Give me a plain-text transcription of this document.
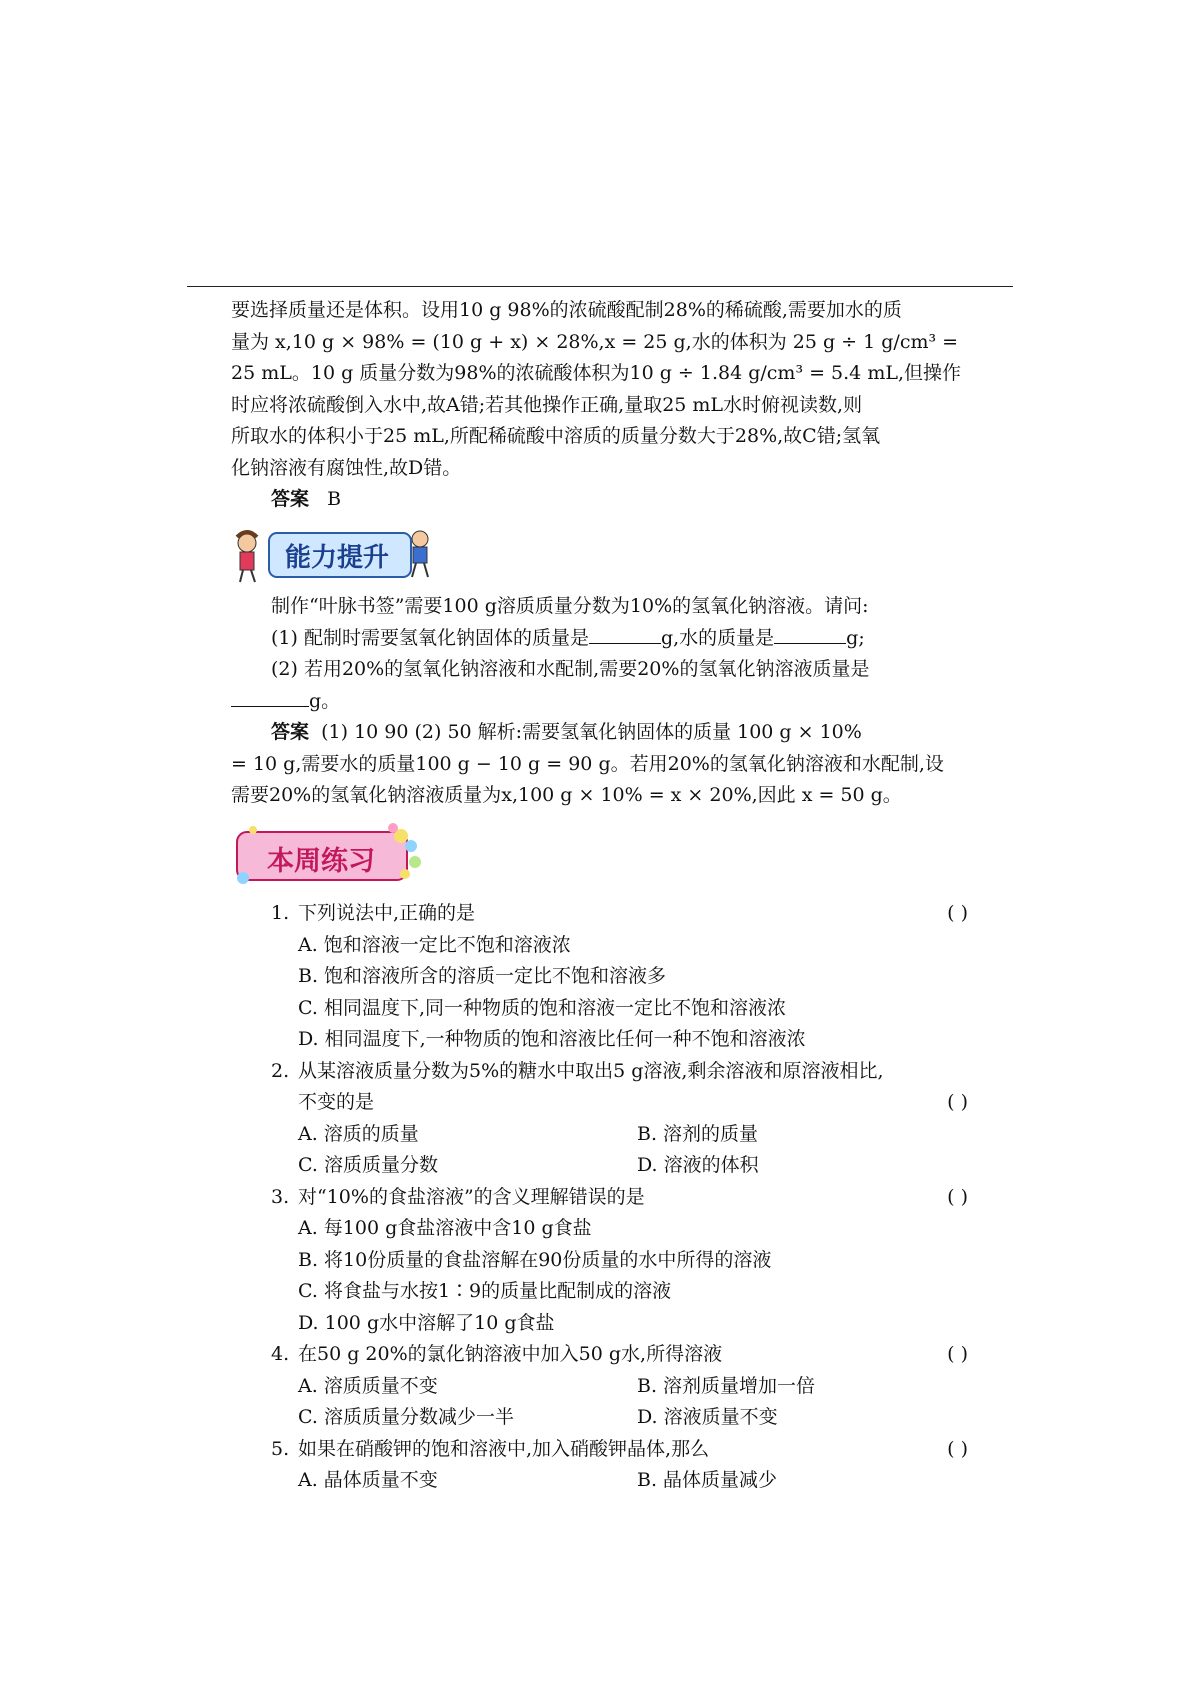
要选择质量还是体积。设用10 g 98%的浓硫酸配制28%的稀硫酸,需要加水的质

量为 x,10 g × 98% = (10 g + x) × 28%,x = 25 g,水的体积为 25 g ÷ 1 g/cm³ =

25 mL。10 g 质量分数为98%的浓硫酸体积为10 g ÷ 1.84 g/cm³ = 5.4 mL,但操作

时应将浓硫酸倒入水中,故A错;若其他操作正确,量取25 mL水时俯视读数,则

所取水的体积小于25 mL,所配稀硫酸中溶质的质量分数大于28%,故C错;氢氧

化钠溶液有腐蚀性,故D错。

答案 B

能力提升

制作“叶脉书签”需要100 g溶质质量分数为10%的氢氧化钠溶液。请问:

(1) 配制时需要氢氧化钠固体的质量是	g,水的质量是	g;

(2) 若用20%的氢氧化钠溶液和水配制,需要20%的氢氧化钠溶液质量是

g。

答案 (1) 10 90 (2) 50 解析:需要氢氧化钠固体的质量 100 g × 10%

= 10 g,需要水的质量100 g − 10 g = 90 g。若用20%的氢氧化钠溶液和水配制,设

需要20%的氢氧化钠溶液质量为x,100 g × 10% = x × 20%,因此 x = 50 g。

本周练习
1. 下列说法中,正确的是	( )
A. 饱和溶液一定比不饱和溶液浓
B. 饱和溶液所含的溶质一定比不饱和溶液多
C. 相同温度下,同一种物质的饱和溶液一定比不饱和溶液浓
D. 相同温度下,一种物质的饱和溶液比任何一种不饱和溶液浓
2. 从某溶液质量分数为5%的糖水中取出5 g溶液,剩余溶液和原溶液相比,
不变的是	( )
A. 溶质的质量	B. 溶剂的质量
C. 溶质质量分数	D. 溶液的体积
3. 对“10%的食盐溶液”的含义理解错误的是	( )
A. 每100 g食盐溶液中含10 g食盐
B. 将10份质量的食盐溶解在90份质量的水中所得的溶液
C. 将食盐与水按1∶9的质量比配制成的溶液
D. 100 g水中溶解了10 g食盐
4. 在50 g 20%的氯化钠溶液中加入50 g水,所得溶液	( )
A. 溶质质量不变	B. 溶剂质量增加一倍
C. 溶质质量分数减少一半	D. 溶液质量不变
5. 如果在硝酸钾的饱和溶液中,加入硝酸钾晶体,那么	( )
A. 晶体质量不变	B. 晶体质量减少
